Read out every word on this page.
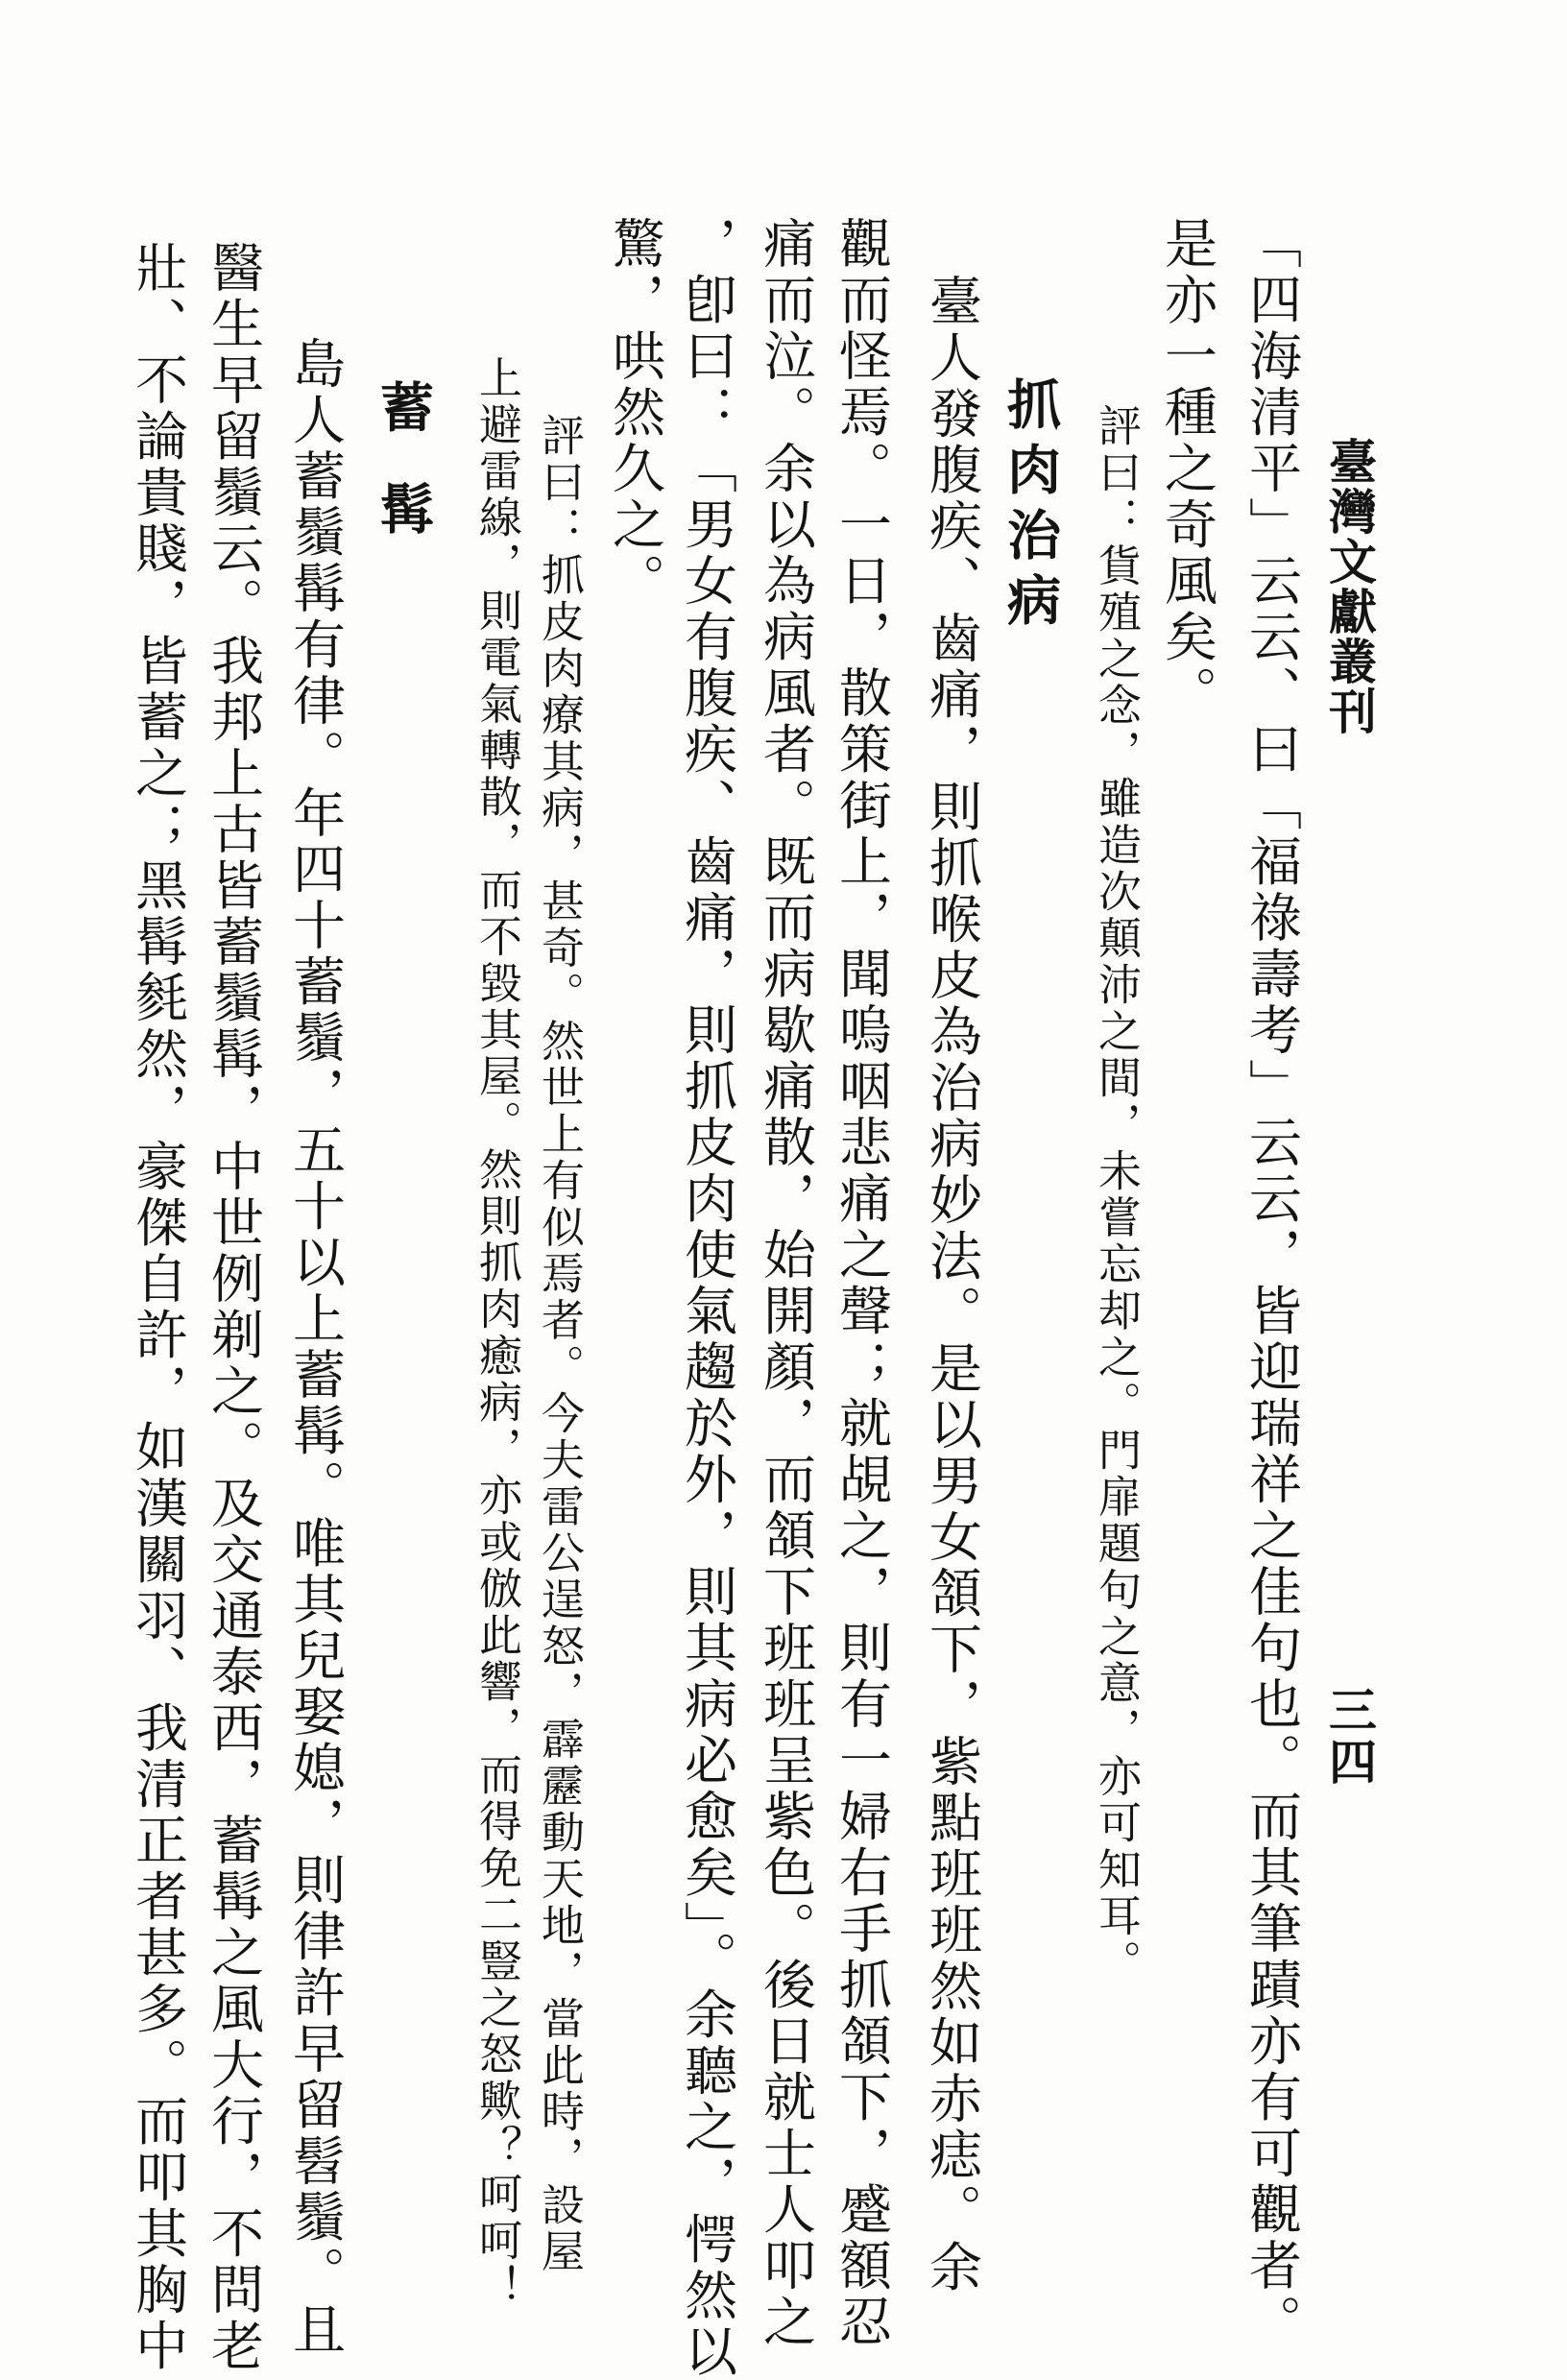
臺灣文獻叢刊
三四
「四海清平」云云、曰「福祿壽考」云云，皆迎瑞祥之佳句也。而其筆蹟亦有可觀者。
是亦一種之奇風矣。
評曰：貨殖之念，雖造次顛沛之間，未嘗忘却之。門扉題句之意，亦可知耳。
抓肉治病
臺人發腹疾、齒痛，則抓喉皮為治病妙法。是以男女頷下，紫點班班然如赤痣。余
觀而怪焉。一日，散策街上，聞嗚咽悲痛之聲；就覘之，則有一婦右手抓頷下，蹙額忍
痛而泣。余以為病風者。既而病歇痛散，始開顏，而頷下班班呈紫色。後日就士人叩之
，卽曰：「男女有腹疾、齒痛，則抓皮肉使氣趨於外，則其病必愈矣」。余聽之，愕然以
驚，哄然久之。
評曰：抓皮肉療其病，甚奇。然世上有似焉者。今夫雷公逞怒，霹靂動天地，當此時，設屋
上避雷線，則電氣轉散，而不毀其屋。然則抓肉癒病，亦或倣此響，而得免二豎之怒歟？呵呵！
蓄髯
島人蓄鬚髯有律。年四十蓄鬚，五十以上蓄髯。唯其兒娶媳，則律許早留髫鬚。且
醫生早留鬚云。我邦上古皆蓄鬚髯，中世例剃之。及交通泰西，蓄髯之風大行，不問老
壯、不論貴賤，皆蓄之；黑髯毵然，豪傑自許，如漢關羽、我清正者甚多。而叩其胸中
